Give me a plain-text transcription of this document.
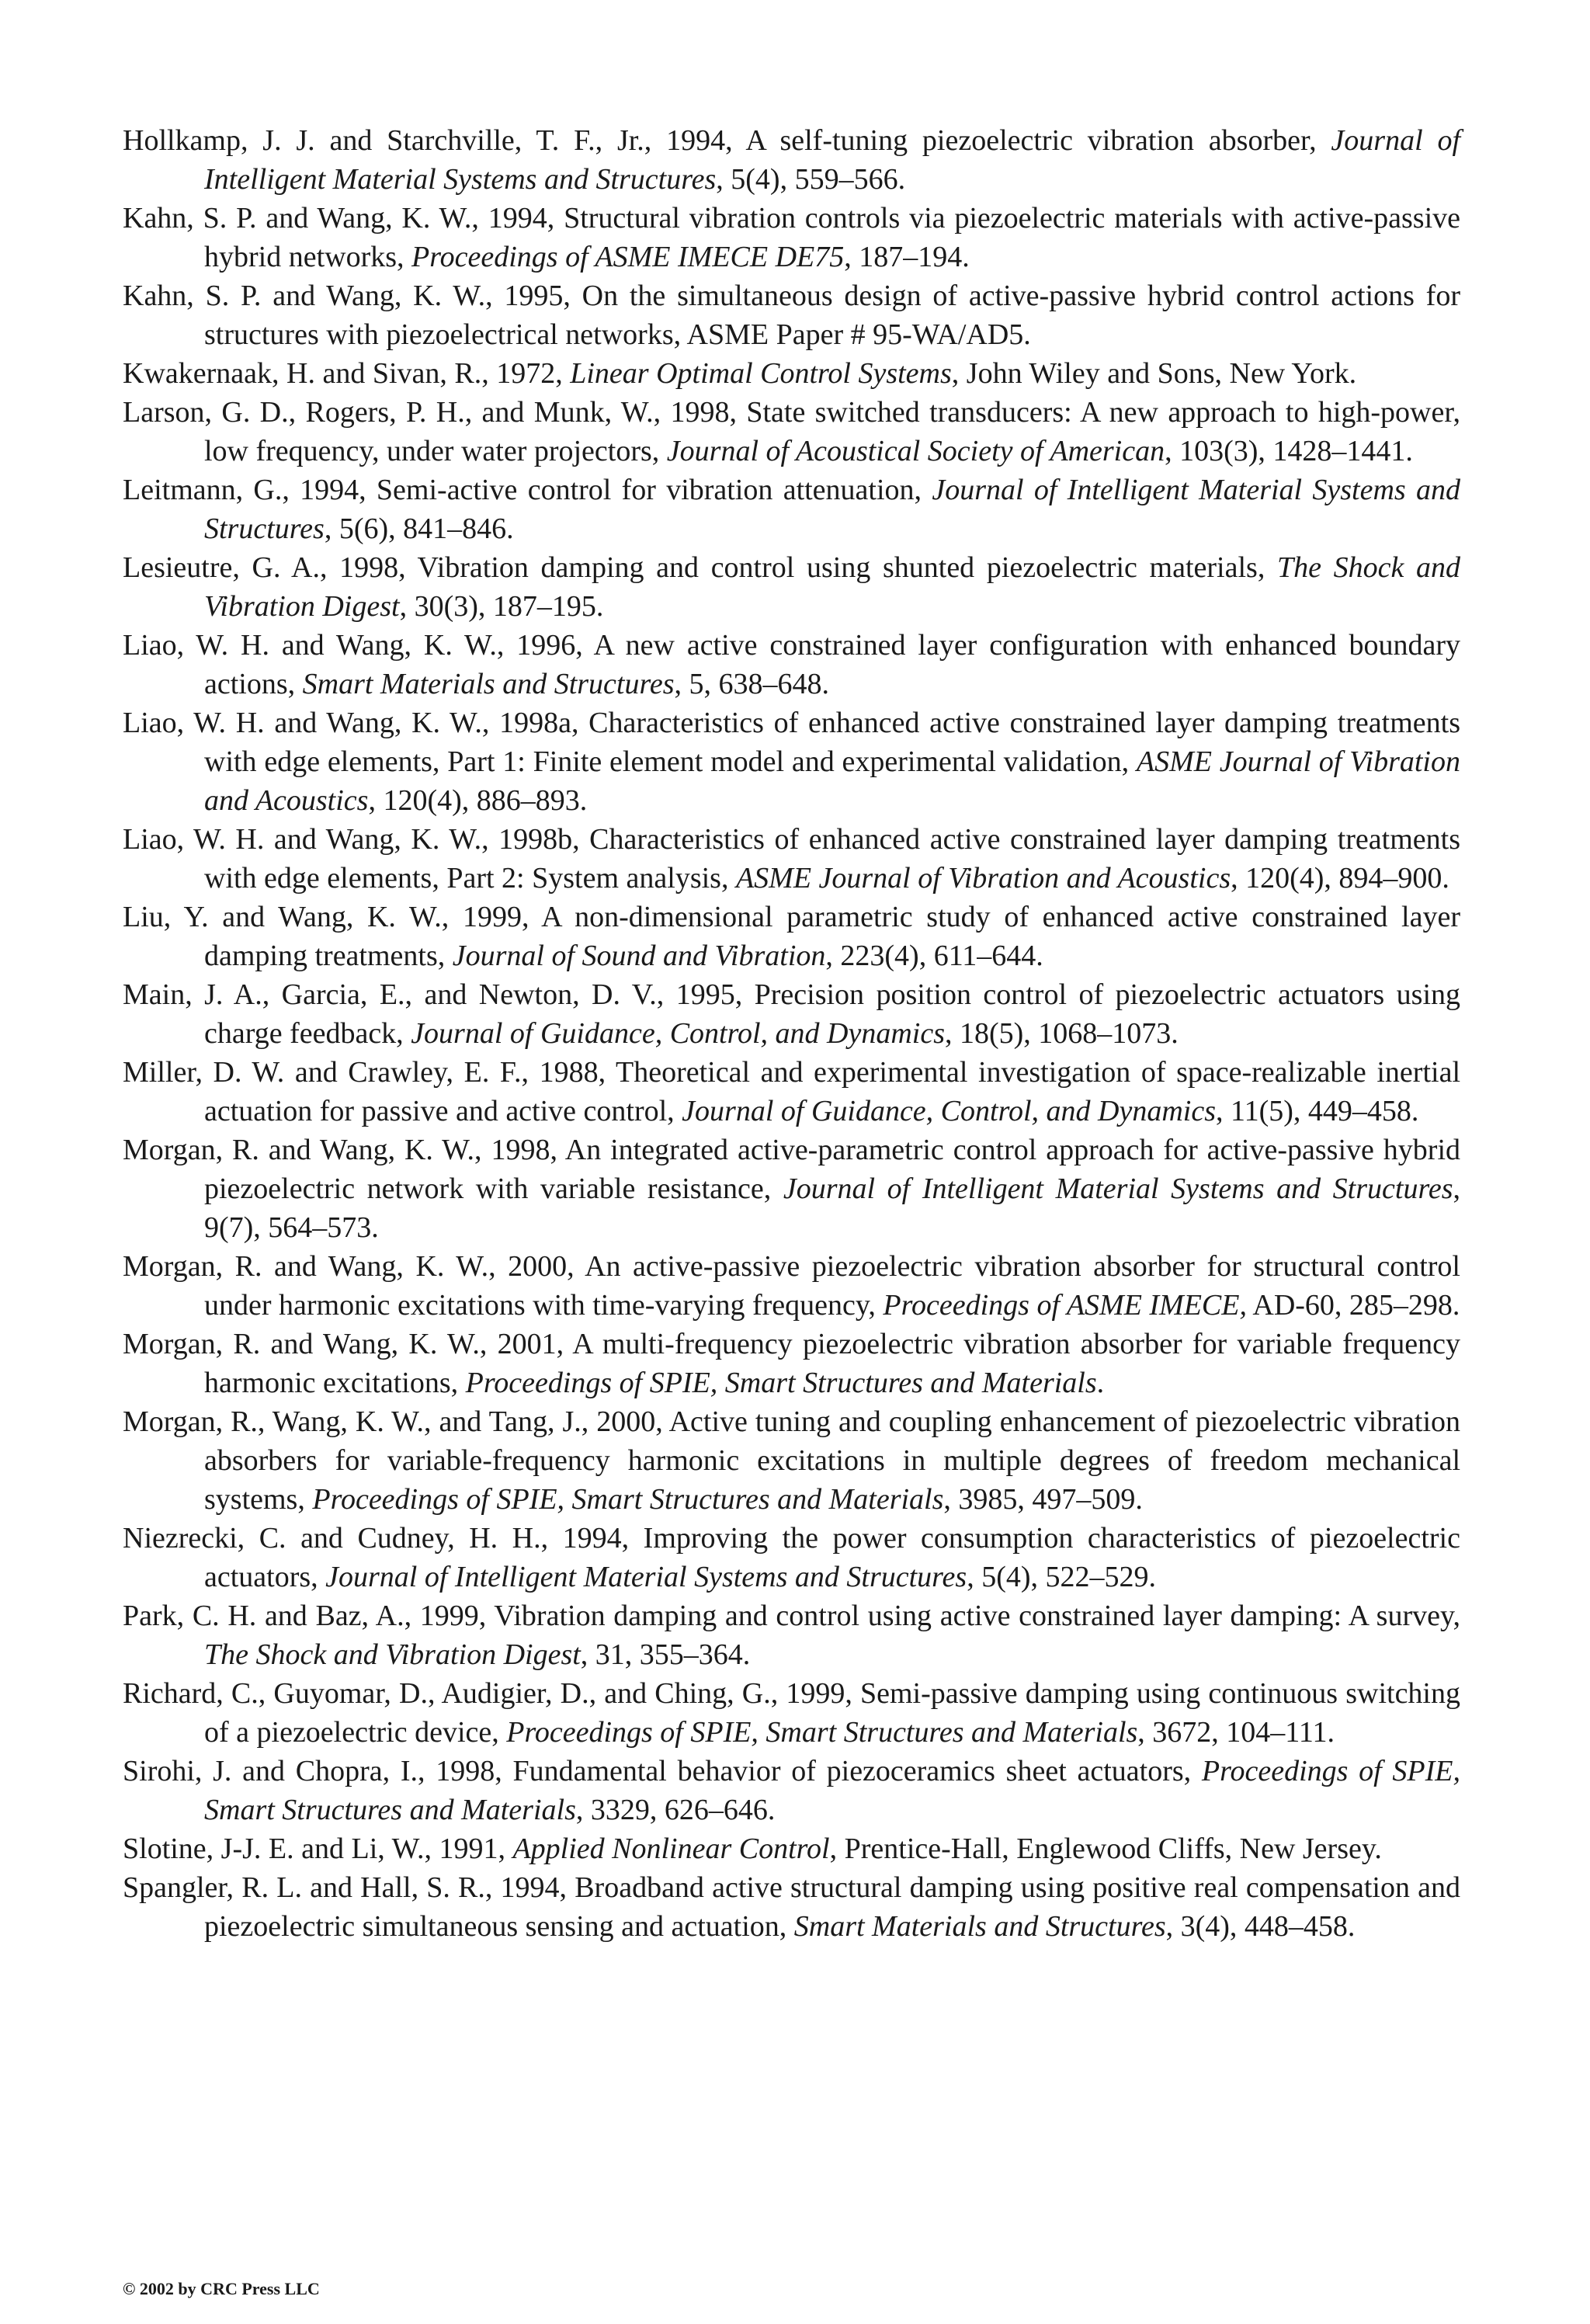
Hollkamp, J. J. and Starchville, T. F., Jr., 1994, A self-tuning piezoelectric vibration absorber, Journal of Intelligent Material Systems and Structures, 5(4), 559–566.

Kahn, S. P. and Wang, K. W., 1994, Structural vibration controls via piezoelectric materials with active-passive hybrid networks, Proceedings of ASME IMECE DE75, 187–194.

Kahn, S. P. and Wang, K. W., 1995, On the simultaneous design of active-passive hybrid control actions for structures with piezoelectrical networks, ASME Paper # 95-WA/AD5.

Kwakernaak, H. and Sivan, R., 1972, Linear Optimal Control Systems, John Wiley and Sons, New York.

Larson, G. D., Rogers, P. H., and Munk, W., 1998, State switched transducers: A new approach to high-power, low frequency, under water projectors, Journal of Acoustical Society of American, 103(3), 1428–1441.

Leitmann, G., 1994, Semi-active control for vibration attenuation, Journal of Intelligent Material Systems and Structures, 5(6), 841–846.

Lesieutre, G. A., 1998, Vibration damping and control using shunted piezoelectric materials, The Shock and Vibration Digest, 30(3), 187–195.

Liao, W. H. and Wang, K. W., 1996, A new active constrained layer configuration with enhanced boundary actions, Smart Materials and Structures, 5, 638–648.

Liao, W. H. and Wang, K. W., 1998a, Characteristics of enhanced active constrained layer damping treatments with edge elements, Part 1: Finite element model and experimental validation, ASME Journal of Vibration and Acoustics, 120(4), 886–893.

Liao, W. H. and Wang, K. W., 1998b, Characteristics of enhanced active constrained layer damping treatments with edge elements, Part 2: System analysis, ASME Journal of Vibration and Acoustics, 120(4), 894–900.

Liu, Y. and Wang, K. W., 1999, A non-dimensional parametric study of enhanced active constrained layer damping treatments, Journal of Sound and Vibration, 223(4), 611–644.

Main, J. A., Garcia, E., and Newton, D. V., 1995, Precision position control of piezoelectric actuators using charge feedback, Journal of Guidance, Control, and Dynamics, 18(5), 1068–1073.

Miller, D. W. and Crawley, E. F., 1988, Theoretical and experimental investigation of space-realizable inertial actuation for passive and active control, Journal of Guidance, Control, and Dynamics, 11(5), 449–458.

Morgan, R. and Wang, K. W., 1998, An integrated active-parametric control approach for active-passive hybrid piezoelectric network with variable resistance, Journal of Intelligent Material Systems and Structures, 9(7), 564–573.

Morgan, R. and Wang, K. W., 2000, An active-passive piezoelectric vibration absorber for structural control under harmonic excitations with time-varying frequency, Proceedings of ASME IMECE, AD-60, 285–298.

Morgan, R. and Wang, K. W., 2001, A multi-frequency piezoelectric vibration absorber for variable frequency harmonic excitations, Proceedings of SPIE, Smart Structures and Materials.

Morgan, R., Wang, K. W., and Tang, J., 2000, Active tuning and coupling enhancement of piezoelectric vibration absorbers for variable-frequency harmonic excitations in multiple degrees of freedom mechanical systems, Proceedings of SPIE, Smart Structures and Materials, 3985, 497–509.

Niezrecki, C. and Cudney, H. H., 1994, Improving the power consumption characteristics of piezoelectric actuators, Journal of Intelligent Material Systems and Structures, 5(4), 522–529.

Park, C. H. and Baz, A., 1999, Vibration damping and control using active constrained layer damping: A survey, The Shock and Vibration Digest, 31, 355–364.

Richard, C., Guyomar, D., Audigier, D., and Ching, G., 1999, Semi-passive damping using continuous switching of a piezoelectric device, Proceedings of SPIE, Smart Structures and Materials, 3672, 104–111.

Sirohi, J. and Chopra, I., 1998, Fundamental behavior of piezoceramics sheet actuators, Proceedings of SPIE, Smart Structures and Materials, 3329, 626–646.

Slotine, J-J. E. and Li, W., 1991, Applied Nonlinear Control, Prentice-Hall, Englewood Cliffs, New Jersey.

Spangler, R. L. and Hall, S. R., 1994, Broadband active structural damping using positive real compensation and piezoelectric simultaneous sensing and actuation, Smart Materials and Structures, 3(4), 448–458.

© 2002 by CRC Press LLC
